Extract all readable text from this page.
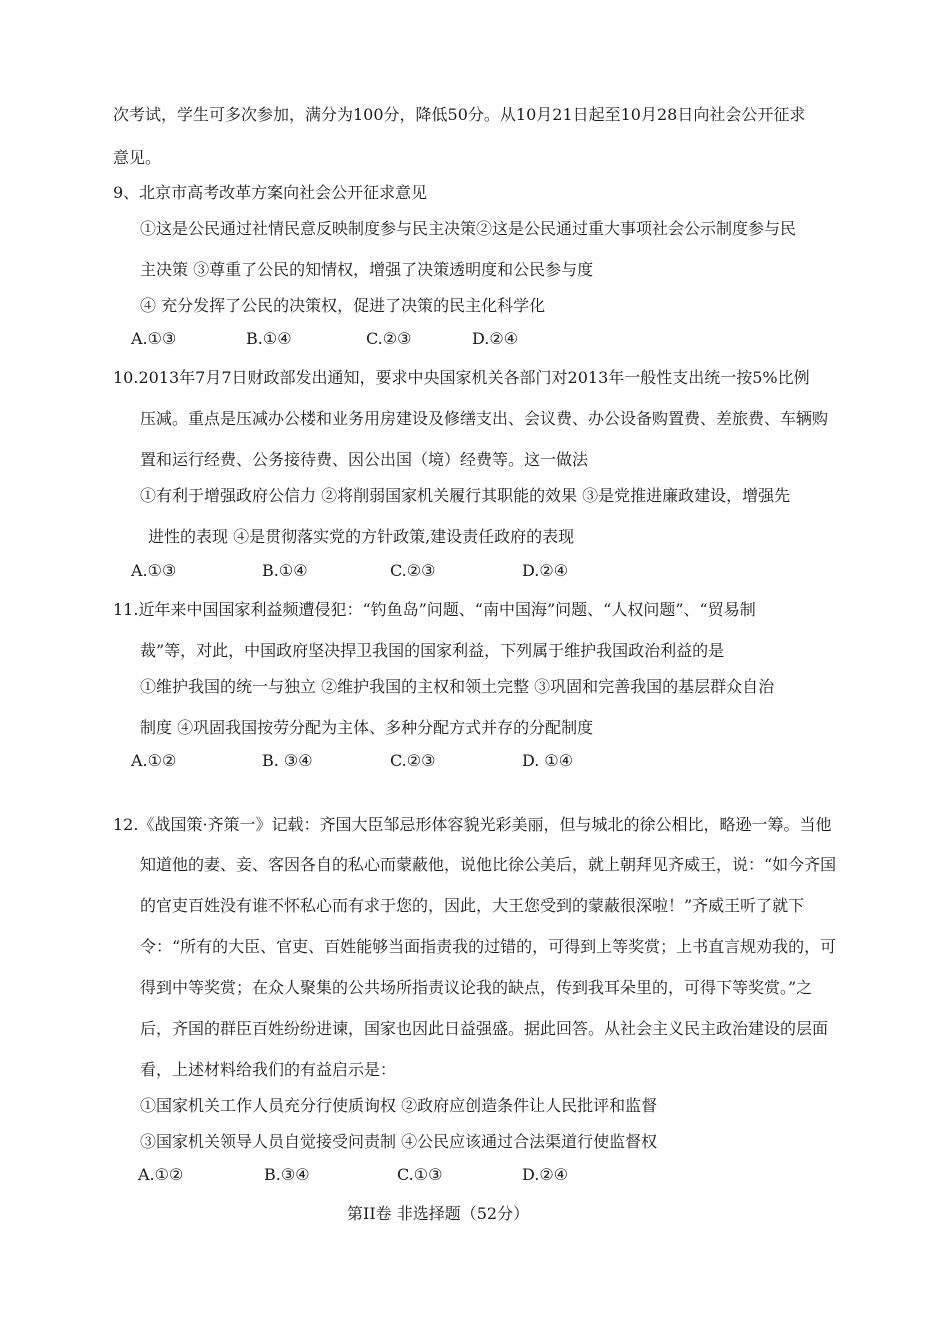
次考试，学生可多次参加，满分为100分，降低50分。从10月21日起至10月28日向社会公开征求
意见。
9、北京市高考改革方案向社会公开征求意见
①这是公民通过社情民意反映制度参与民主决策②这是公民通过重大事项社会公示制度参与民
主决策 ③尊重了公民的知情权，增强了决策透明度和公民参与度
④ 充分发挥了公民的决策权，促进了决策的民主化科学化
A.①③	B.①④	C.②③	D.②④
10.2013年7月7日财政部发出通知，要求中央国家机关各部门对2013年一般性支出统一按5%比例
压减。重点是压减办公楼和业务用房建设及修缮支出、会议费、办公设备购置费、差旅费、车辆购
置和运行经费、公务接待费、因公出国（境）经费等。这一做法
①有利于增强政府公信力 ②将削弱国家机关履行其职能的效果 ③是党推进廉政建设，增强先
进性的表现 ④是贯彻落实党的方针政策,建设责任政府的表现
A.①③	B.①④	C.②③	D.②④
11.近年来中国国家利益频遭侵犯：“钓鱼岛”问题、“南中国海”问题、“人权问题”、“贸易制
裁”等，对此，中国政府坚决捍卫我国的国家利益，下列属于维护我国政治利益的是
①维护我国的统一与独立 ②维护我国的主权和领土完整 ③巩固和完善我国的基层群众自治
制度 ④巩固我国按劳分配为主体、多种分配方式并存的分配制度
A.①②	B. ③④	C.②③	D. ①④
12.《战国策·齐策一》记载：齐国大臣邹忌形体容貌光彩美丽，但与城北的徐公相比，略逊一筹。当他
知道他的妻、妾、客因各自的私心而蒙蔽他，说他比徐公美后，就上朝拜见齐威王，说：“如今齐国
的官吏百姓没有谁不怀私心而有求于您的，因此，大王您受到的蒙蔽很深啦！”齐威王听了就下
令：“所有的大臣、官吏、百姓能够当面指责我的过错的，可得到上等奖赏；上书直言规劝我的，可
得到中等奖赏；在众人聚集的公共场所指责议论我的缺点，传到我耳朵里的，可得下等奖赏。”之
后，齐国的群臣百姓纷纷进谏，国家也因此日益强盛。据此回答。从社会主义民主政治建设的层面
看，上述材料给我们的有益启示是：
①国家机关工作人员充分行使质询权 ②政府应创造条件让人民批评和监督
③国家机关领导人员自觉接受问责制 ④公民应该通过合法渠道行使监督权
A.①②	B.③④	C.①③	D.②④
第II卷 非选择题（52分）
